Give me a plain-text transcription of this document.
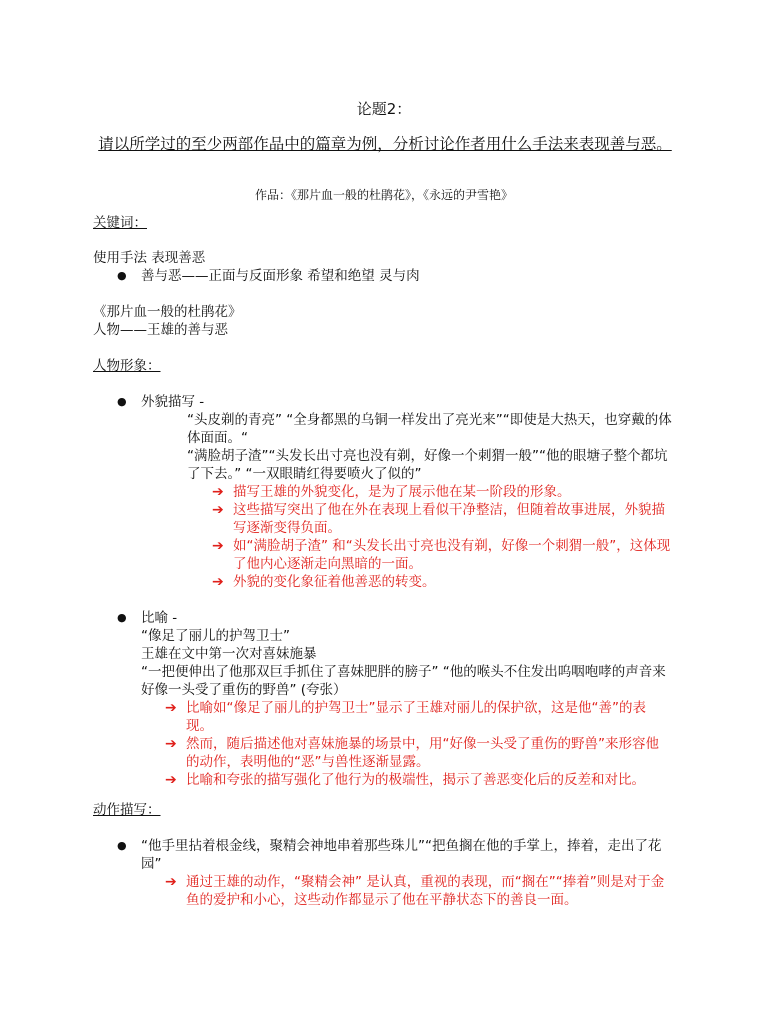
论题2：
请以所学过的至少两部作品中的篇章为例，分析讨论作者用什么手法来表现善与恶。
作品：《那片血一般的杜鹃花》，《永远的尹雪艳》
关键词：
使用手法 表现善恶
● 善与恶——正面与反面形象 希望和绝望 灵与肉
《那片血一般的杜鹃花》
人物——王雄的善与恶
人物形象：
● 外貌描写 -
“头皮剃的青亮” “全身都黑的乌铜一样发出了亮光来”“即使是大热天，也穿戴的体体面面。“
“满脸胡子渣”“头发长出寸亮也没有剃，好像一个刺猬一般”“他的眼塘子整个都坑了下去。” “一双眼睛红得要喷火了似的”
➔ 描写王雄的外貌变化，是为了展示他在某一阶段的形象。
➔ 这些描写突出了他在外在表现上看似干净整洁，但随着故事进展，外貌描写逐渐变得负面。
➔ 如“满脸胡子渣” 和“头发长出寸亮也没有剃，好像一个刺猬一般”，这体现了他内心逐渐走向黑暗的一面。
➔ 外貌的变化象征着他善恶的转变。
● 比喻 -
“像足了丽儿的护驾卫士”
王雄在文中第一次对喜妹施暴
“一把便伸出了他那双巨手抓住了喜妹肥胖的膀子” “他的喉头不住发出呜咽咆哮的声音来好像一头受了重伤的野兽” (夸张）
➔ 比喻如“像足了丽儿的护驾卫士”显示了王雄对丽儿的保护欲，这是他“善”的表现。
➔ 然而，随后描述他对喜妹施暴的场景中，用“好像一头受了重伤的野兽”来形容他的动作，表明他的“恶”与兽性逐渐显露。
➔ 比喻和夸张的描写强化了他行为的极端性，揭示了善恶变化后的反差和对比。
动作描写：
● “他手里拈着根金线，聚精会神地串着那些珠儿”“把鱼搁在他的手掌上，捧着，走出了花园”
➔ 通过王雄的动作，“聚精会神” 是认真，重视的表现，而“搁在”“捧着”则是对于金鱼的爱护和小心，这些动作都显示了他在平静状态下的善良一面。
